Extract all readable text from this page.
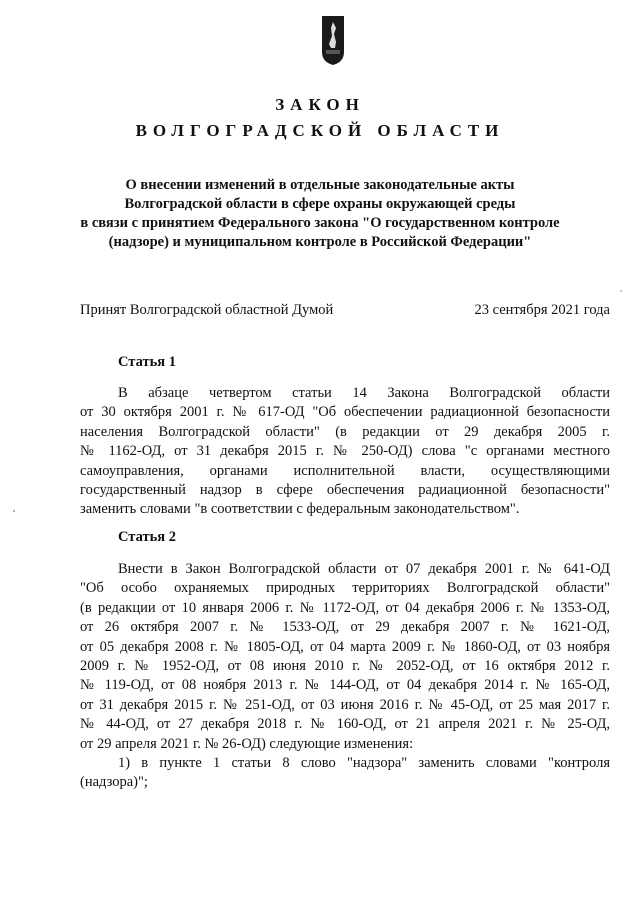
ЗАКОН
ВОЛГОГРАДСКОЙ ОБЛАСТИ
О внесении изменений в отдельные законодательные акты
Волгоградской области в сфере охраны окружающей среды
в связи с принятием Федерального закона "О государственном контроле
(надзоре) и муниципальном контроле в Российской Федерации"
Принят Волгоградской областной Думой	23 сентября 2021 года
Статья 1
В абзаце четвертом статьи 14 Закона Волгоградской области
от 30 октября 2001 г. № 617-ОД "Об обеспечении радиационной безопасности
населения Волгоградской области" (в редакции от 29 декабря 2005 г.
№ 1162-ОД, от 31 декабря 2015 г. № 250-ОД) слова "с органами местного
самоуправления, органами исполнительной власти, осуществляющими
государственный надзор в сфере обеспечения радиационной безопасности"
заменить словами "в соответствии с федеральным законодательством".
Статья 2
Внести в Закон Волгоградской области от 07 декабря 2001 г. № 641-ОД
"Об особо охраняемых природных территориях Волгоградской области"
(в редакции от 10 января 2006 г. № 1172-ОД, от 04 декабря 2006 г. № 1353-ОД,
от 26 октября 2007 г. № 1533-ОД, от 29 декабря 2007 г. № 1621-ОД,
от 05 декабря 2008 г. № 1805-ОД, от 04 марта 2009 г. № 1860-ОД, от 03 ноября
2009 г. № 1952-ОД, от 08 июня 2010 г. № 2052-ОД, от 16 октября 2012 г.
№ 119-ОД, от 08 ноября 2013 г. № 144-ОД, от 04 декабря 2014 г. № 165-ОД,
от 31 декабря 2015 г. № 251-ОД, от 03 июня 2016 г. № 45-ОД, от 25 мая 2017 г.
№ 44-ОД, от 27 декабря 2018 г. № 160-ОД, от 21 апреля 2021 г. № 25-ОД,
от 29 апреля 2021 г. № 26-ОД) следующие изменения:
1) в пункте 1 статьи 8 слово "надзора" заменить словами "контроля
(надзора)";
